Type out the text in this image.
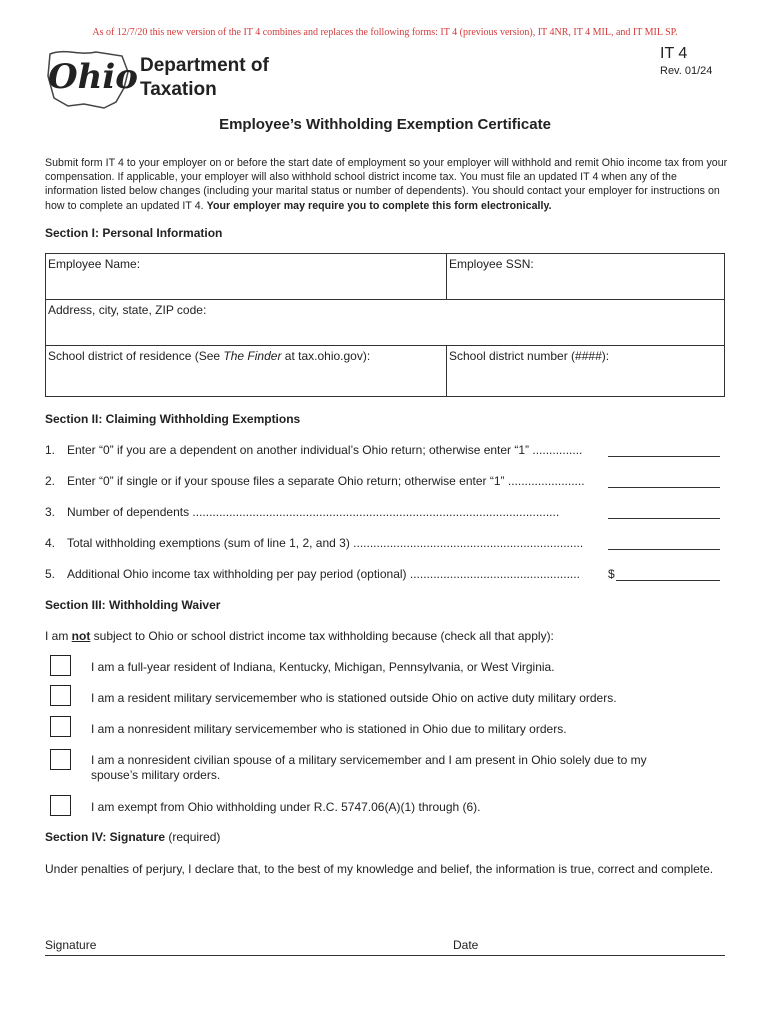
As of 12/7/20 this new version of the IT 4 combines and replaces the following forms: IT 4 (previous version), IT 4NR, IT 4 MIL, and IT MIL SP.
Ohio Department of
Taxation
IT 4
Rev. 01/24
Employee’s Withholding Exemption Certificate
Submit form IT 4 to your employer on or before the start date of employment so your employer will withhold and remit Ohio income tax from your compensation. If applicable, your employer will also withhold school district income tax. You must file an updated IT 4 when any of the information listed below changes (including your marital status or number of dependents). You should contact your employer for instructions on how to complete an updated IT 4. Your employer may require you to complete this form electronically.
Section I: Personal Information
Employee Name:	Employee SSN:
Address, city, state, ZIP code:
School district of residence (See The Finder at tax.ohio.gov):	School district number (####):
Section II: Claiming Withholding Exemptions
1. Enter “0” if you are a dependent on another individual’s Ohio return; otherwise enter “1” ...............
2. Enter “0” if single or if your spouse files a separate Ohio return; otherwise enter “1” .......................
3. Number of dependents ..............................................................................................................
4. Total withholding exemptions (sum of line 1, 2, and 3) .....................................................................
5. Additional Ohio income tax withholding per pay period (optional) ...................................................	$
Section III: Withholding Waiver
I am not subject to Ohio or school district income tax withholding because (check all that apply):
I am a full-year resident of Indiana, Kentucky, Michigan, Pennsylvania, or West Virginia.
I am a resident military servicemember who is stationed outside Ohio on active duty military orders.
I am a nonresident military servicemember who is stationed in Ohio due to military orders.
I am a nonresident civilian spouse of a military servicemember and I am present in Ohio solely due to my spouse’s military orders.
I am exempt from Ohio withholding under R.C. 5747.06(A)(1) through (6).
Section IV: Signature (required)
Under penalties of perjury, I declare that, to the best of my knowledge and belief, the information is true, correct and complete.
Signature	Date
